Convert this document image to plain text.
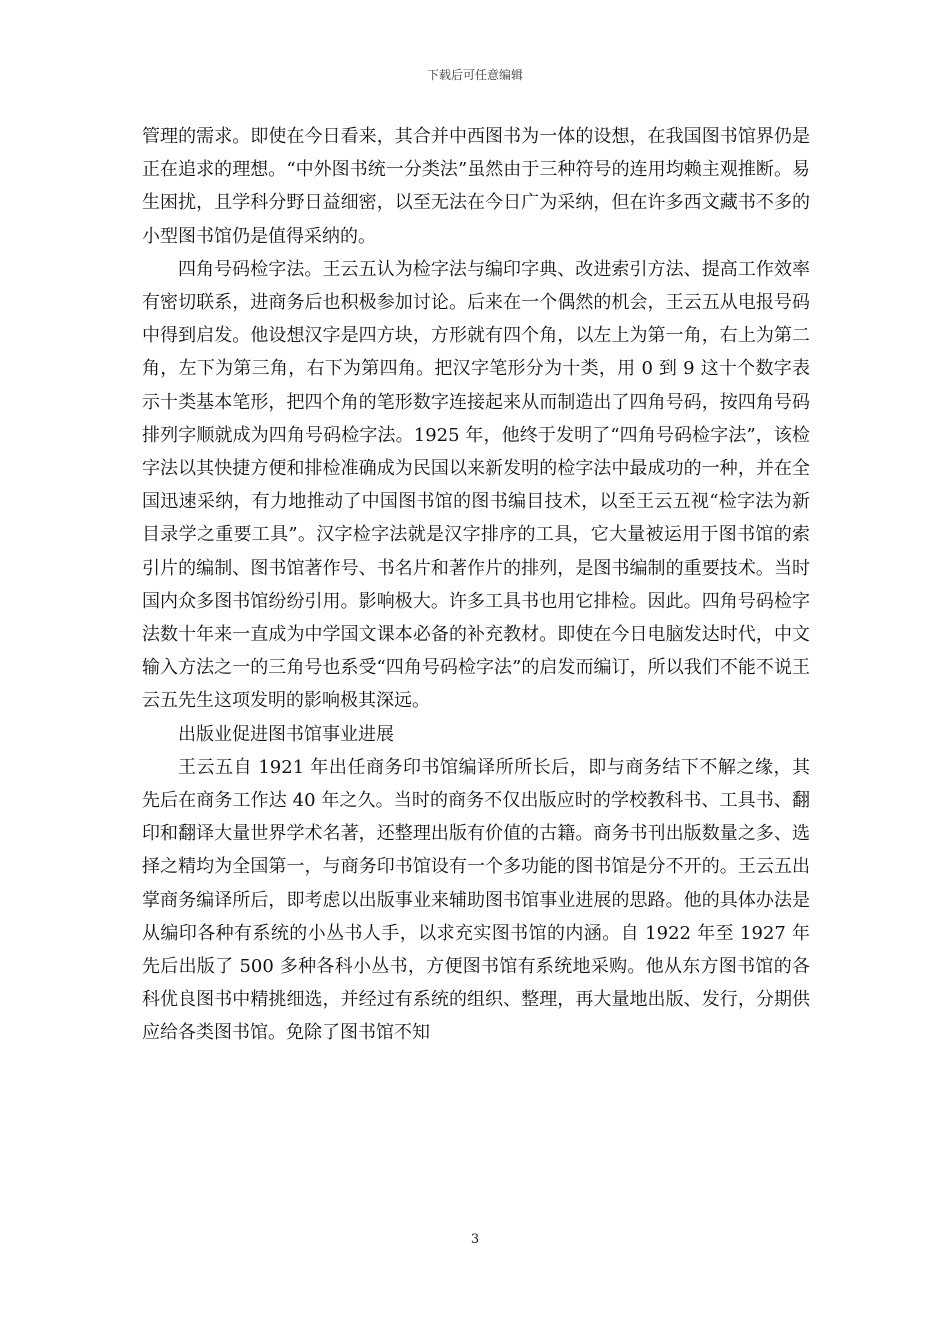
下载后可任意编辑

管理的需求。即使在今日看来，其合并中西图书为一体的设想，在我国图书馆界仍是正在追求的理想。“中外图书统一分类法”虽然由于三种符号的连用均赖主观推断。易生困扰，且学科分野日益细密，以至无法在今日广为采纳，但在许多西文藏书不多的小型图书馆仍是值得采纳的。

四角号码检字法。王云五认为检字法与编印字典、改进索引方法、提高工作效率有密切联系，进商务后也积极参加讨论。后来在一个偶然的机会，王云五从电报号码中得到启发。他设想汉字是四方块，方形就有四个角，以左上为第一角，右上为第二角，左下为第三角，右下为第四角。把汉字笔形分为十类，用 0 到 9 这十个数字表示十类基本笔形，把四个角的笔形数字连接起来从而制造出了四角号码，按四角号码排列字顺就成为四角号码检字法。1925 年，他终于发明了“四角号码检字法”，该检字法以其快捷方便和排检准确成为民国以来新发明的检字法中最成功的一种，并在全国迅速采纳，有力地推动了中国图书馆的图书编目技术，以至王云五视“检字法为新目录学之重要工具”。汉字检字法就是汉字排序的工具，它大量被运用于图书馆的索引片的编制、图书馆著作号、书名片和著作片的排列，是图书编制的重要技术。当时国内众多图书馆纷纷引用。影响极大。许多工具书也用它排检。因此。四角号码检字法数十年来一直成为中学国文课本必备的补充教材。即使在今日电脑发达时代，中文输入方法之一的三角号也系受“四角号码检字法”的启发而编订，所以我们不能不说王云五先生这项发明的影响极其深远。

出版业促进图书馆事业进展

王云五自 1921 年出任商务印书馆编译所所长后，即与商务结下不解之缘，其先后在商务工作达 40 年之久。当时的商务不仅出版应时的学校教科书、工具书、翻印和翻译大量世界学术名著，还整理出版有价值的古籍。商务书刊出版数量之多、选择之精均为全国第一，与商务印书馆设有一个多功能的图书馆是分不开的。王云五出掌商务编译所后，即考虑以出版事业来辅助图书馆事业进展的思路。他的具体办法是从编印各种有系统的小丛书人手，以求充实图书馆的内涵。自 1922 年至 1927 年先后出版了 500 多种各科小丛书，方便图书馆有系统地采购。他从东方图书馆的各科优良图书中精挑细选，并经过有系统的组织、整理，再大量地出版、发行，分期供应给各类图书馆。免除了图书馆不知

3
